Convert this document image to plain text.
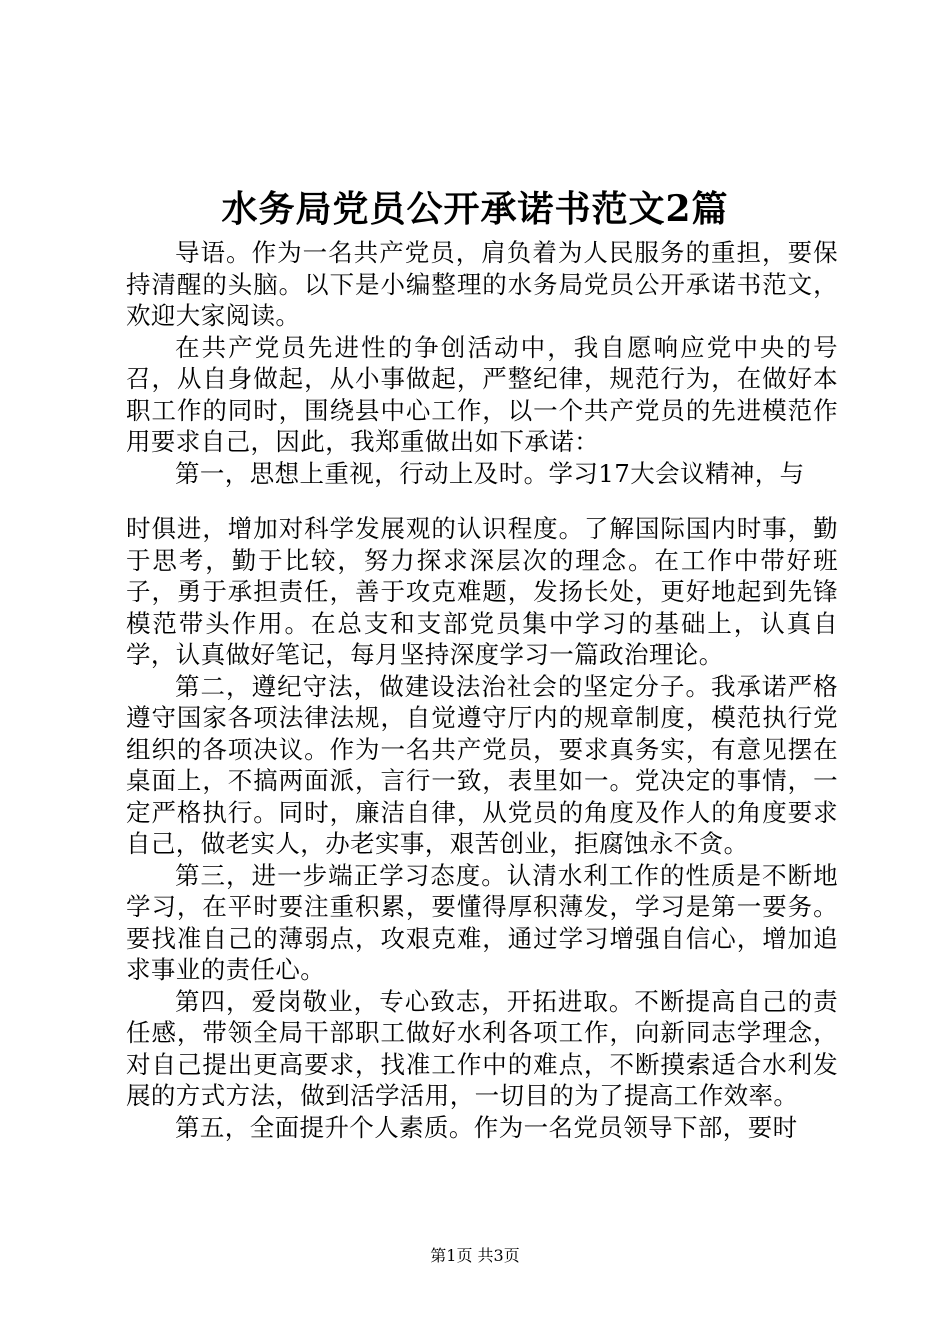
水务局党员公开承诺书范文2篇

导语。作为一名共产党员，肩负着为人民服务的重担，要保持清醒的头脑。以下是小编整理的水务局党员公开承诺书范文，欢迎大家阅读。

在共产党员先进性的争创活动中，我自愿响应党中央的号召，从自身做起，从小事做起，严整纪律，规范行为，在做好本职工作的同时，围绕县中心工作，以一个共产党员的先进模范作用要求自己，因此，我郑重做出如下承诺：

第一，思想上重视，行动上及时。学习17大会议精神，与

时俱进，增加对科学发展观的认识程度。了解国际国内时事，勤于思考，勤于比较，努力探求深层次的理念。在工作中带好班子，勇于承担责任，善于攻克难题，发扬长处，更好地起到先锋模范带头作用。在总支和支部党员集中学习的基础上，认真自学，认真做好笔记，每月坚持深度学习一篇政治理论。

第二，遵纪守法，做建设法治社会的坚定分子。我承诺严格遵守国家各项法律法规，自觉遵守厅内的规章制度，模范执行党组织的各项决议。作为一名共产党员，要求真务实，有意见摆在桌面上，不搞两面派，言行一致，表里如一。党决定的事情，一定严格执行。同时，廉洁自律，从党员的角度及作人的角度要求自己，做老实人，办老实事，艰苦创业，拒腐蚀永不贪。

第三，进一步端正学习态度。认清水利工作的性质是不断地学习，在平时要注重积累，要懂得厚积薄发，学习是第一要务。要找准自己的薄弱点，攻艰克难，通过学习增强自信心，增加追求事业的责任心。

第四，爱岗敬业，专心致志，开拓进取。不断提高自己的责任感，带领全局干部职工做好水利各项工作，向新同志学理念，对自己提出更高要求，找准工作中的难点，不断摸索适合水利发展的方式方法，做到活学活用，一切目的为了提高工作效率。

第五，全面提升个人素质。作为一名党员领导下部，要时

第1页 共3页
